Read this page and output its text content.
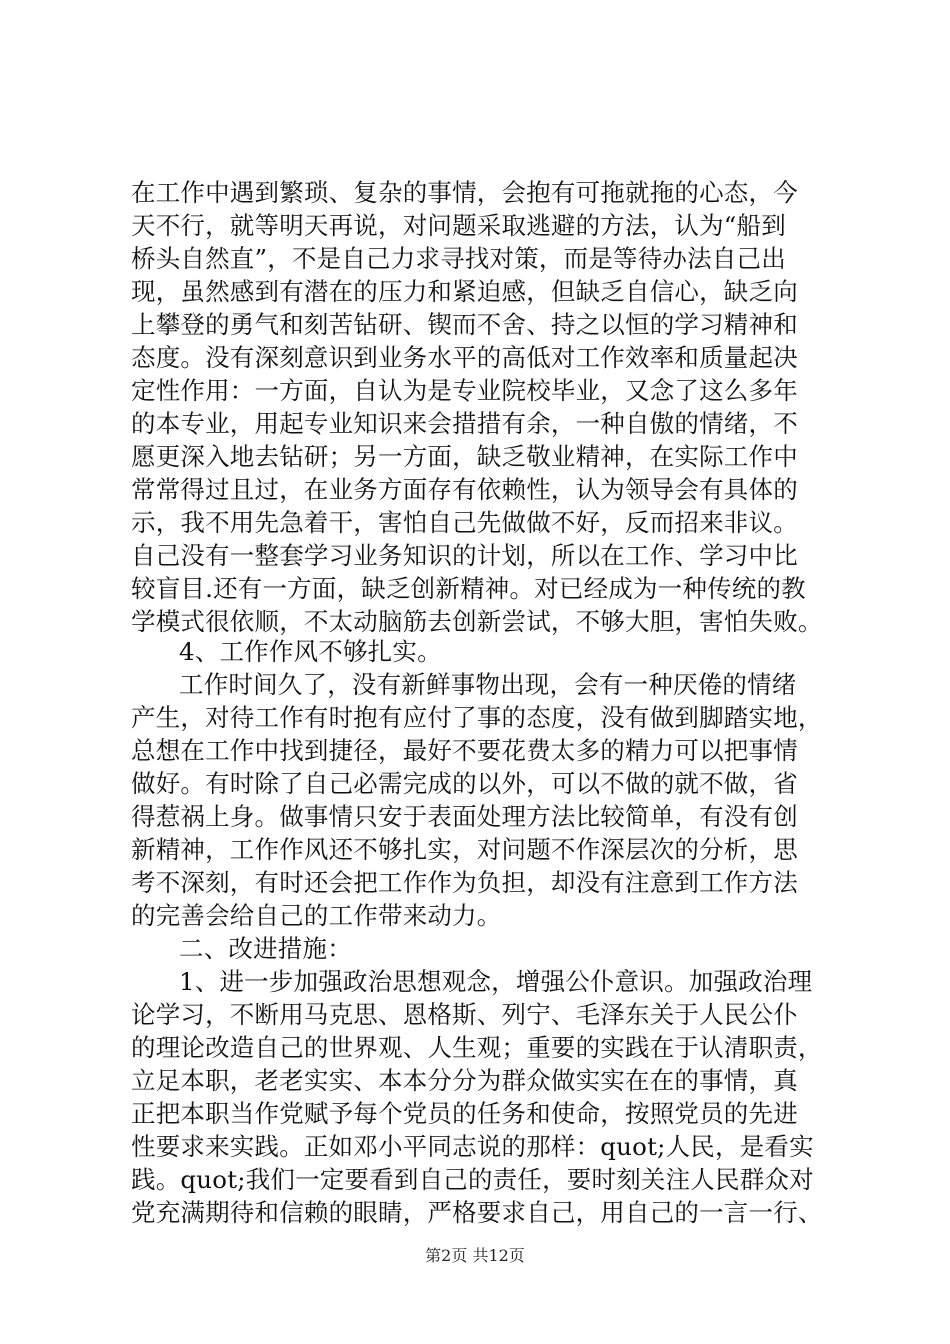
在工作中遇到繁琐、复杂的事情，会抱有可拖就拖的心态，今
天不行，就等明天再说，对问题采取逃避的方法，认为“船到
桥头自然直”，不是自己力求寻找对策，而是等待办法自己出
现，虽然感到有潜在的压力和紧迫感，但缺乏自信心，缺乏向
上攀登的勇气和刻苦钻研、锲而不舍、持之以恒的学习精神和
态度。没有深刻意识到业务水平的高低对工作效率和质量起决
定性作用：一方面，自认为是专业院校毕业，又念了这么多年
的本专业，用起专业知识来会措措有余，一种自傲的情绪，不
愿更深入地去钻研；另一方面，缺乏敬业精神，在实际工作中
常常得过且过，在业务方面存有依赖性，认为领导会有具体的
示，我不用先急着干，害怕自己先做做不好，反而招来非议。
自己没有一整套学习业务知识的计划，所以在工作、学习中比
较盲目.还有一方面，缺乏创新精神。对已经成为一种传统的教
学模式很依顺，不太动脑筋去创新尝试，不够大胆，害怕失败。
4、工作作风不够扎实。
工作时间久了，没有新鲜事物出现，会有一种厌倦的情绪
产生，对待工作有时抱有应付了事的态度，没有做到脚踏实地，
总想在工作中找到捷径，最好不要花费太多的精力可以把事情
做好。有时除了自己必需完成的以外，可以不做的就不做，省
得惹祸上身。做事情只安于表面处理方法比较简单，有没有创
新精神，工作作风还不够扎实，对问题不作深层次的分析，思
考不深刻，有时还会把工作作为负担，却没有注意到工作方法
的完善会给自己的工作带来动力。
二、改进措施：
1、进一步加强政治思想观念，增强公仆意识。加强政治理
论学习，不断用马克思、恩格斯、列宁、毛泽东关于人民公仆
的理论改造自己的世界观、人生观；重要的实践在于认清职责，
立足本职，老老实实、本本分分为群众做实实在在的事情，真
正把本职当作党赋予每个党员的任务和使命，按照党员的先进
性要求来实践。正如邓小平同志说的那样：quot;人民，是看实
践。quot;我们一定要看到自己的责任，要时刻关注人民群众对
党充满期待和信赖的眼睛，严格要求自己，用自己的一言一行、
第2页 共12页
